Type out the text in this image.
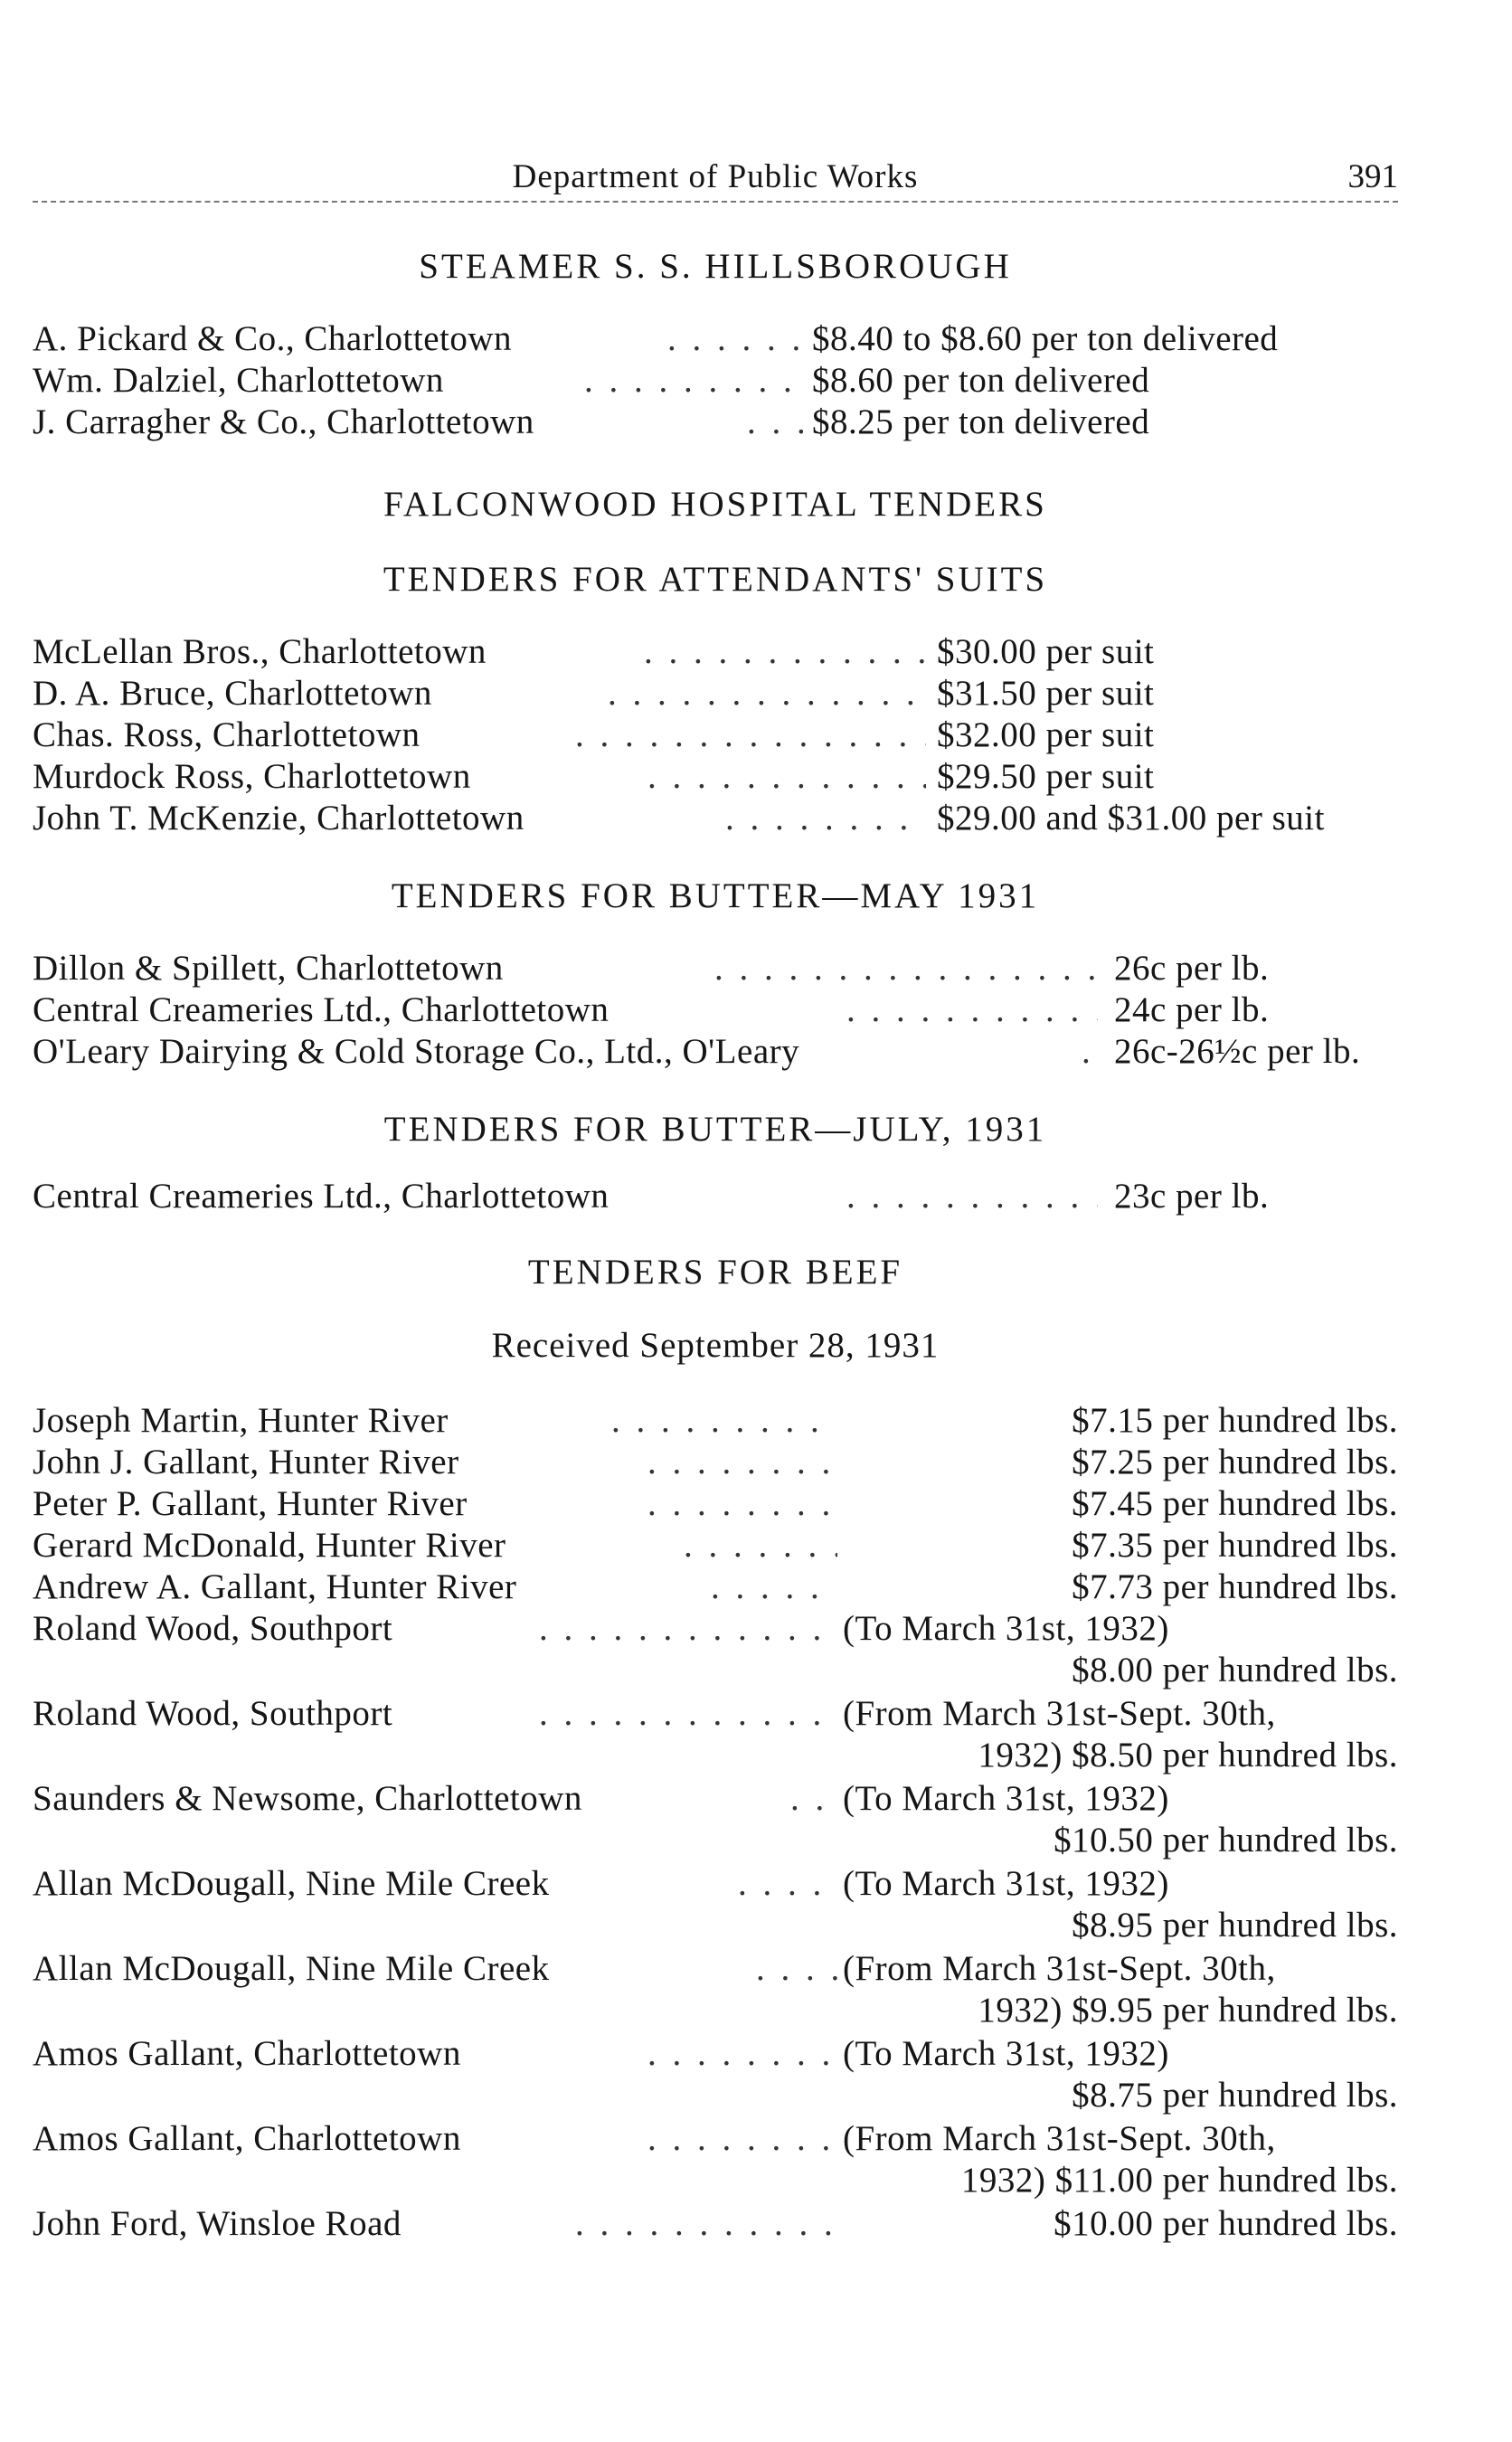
Department of Public Works	391
STEAMER S. S. HILLSBOROUGH
A. Pickard & Co., Charlottetown . . .	$8.40 to $8.60 per ton delivered
Wm. Dalziel, Charlottetown . . .	$8.60 per ton delivered
J. Carragher & Co., Charlottetown . . .	$8.25 per ton delivered
FALCONWOOD HOSPITAL TENDERS
TENDERS FOR ATTENDANTS' SUITS
McLellan Bros., Charlottetown . . .	$30.00 per suit
D. A. Bruce, Charlottetown . . .	$31.50 per suit
Chas. Ross, Charlottetown . . .	$32.00 per suit
Murdock Ross, Charlottetown . . .	$29.50 per suit
John T. McKenzie, Charlottetown . . .	$29.00 and $31.00 per suit
TENDERS FOR BUTTER—MAY 1931
Dillon & Spillett, Charlottetown . . .	26c per lb.
Central Creameries Ltd., Charlottetown . . .	24c per lb.
O'Leary Dairying & Cold Storage Co., Ltd., O'Leary . . .	26c-26½c per lb.
TENDERS FOR BUTTER—JULY, 1931
Central Creameries Ltd., Charlottetown . . .	23c per lb.
TENDERS FOR BEEF
Received September 28, 1931
Joseph Martin, Hunter River . . .	$7.15 per hundred lbs.
John J. Gallant, Hunter River . . .	$7.25 per hundred lbs.
Peter P. Gallant, Hunter River . . .	$7.45 per hundred lbs.
Gerard McDonald, Hunter River . . .	$7.35 per hundred lbs.
Andrew A. Gallant, Hunter River . . .	$7.73 per hundred lbs.
Roland Wood, Southport . . .	(To March 31st, 1932)
$8.00 per hundred lbs.
Roland Wood, Southport . . .	(From March 31st-Sept. 30th,
1932) $8.50 per hundred lbs.
Saunders & Newsome, Charlottetown . . .	(To March 31st, 1932)
$10.50 per hundred lbs.
Allan McDougall, Nine Mile Creek . . .	(To March 31st, 1932)
$8.95 per hundred lbs.
Allan McDougall, Nine Mile Creek . . .	(From March 31st-Sept. 30th,
1932) $9.95 per hundred lbs.
Amos Gallant, Charlottetown . . .	(To March 31st, 1932)
$8.75 per hundred lbs.
Amos Gallant, Charlottetown . . .	(From March 31st-Sept. 30th,
1932) $11.00 per hundred lbs.
John Ford, Winsloe Road . . .	$10.00 per hundred lbs.
